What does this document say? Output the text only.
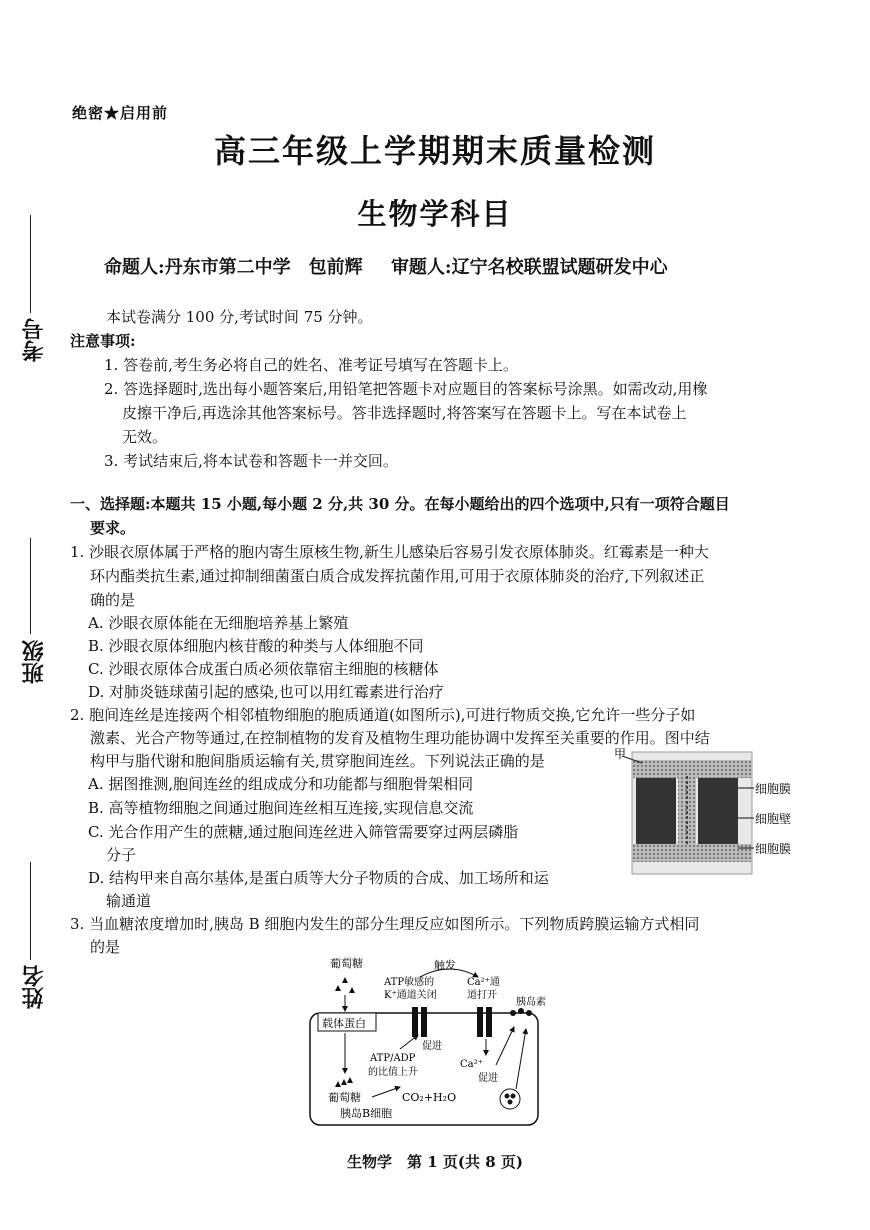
考号
班级
姓名
绝密★启用前
高三年级上学期期末质量检测
生物学科目
命题人:丹东市第二中学　包前辉 审题人:辽宁名校联盟试题研发中心
本试卷满分 100 分,考试时间 75 分钟。
注意事项:
1. 答卷前,考生务必将自己的姓名、准考证号填写在答题卡上。
2. 答选择题时,选出每小题答案后,用铅笔把答题卡对应题目的答案标号涂黑。如需改动,用橡
皮擦干净后,再选涂其他答案标号。答非选择题时,将答案写在答题卡上。写在本试卷上
无效。
3. 考试结束后,将本试卷和答题卡一并交回。
一、选择题:本题共 15 小题,每小题 2 分,共 30 分。在每小题给出的四个选项中,只有一项符合题目
要求。
1. 沙眼衣原体属于严格的胞内寄生原核生物,新生儿感染后容易引发衣原体肺炎。红霉素是一种大
环内酯类抗生素,通过抑制细菌蛋白质合成发挥抗菌作用,可用于衣原体肺炎的治疗,下列叙述正
确的是
A. 沙眼衣原体能在无细胞培养基上繁殖
B. 沙眼衣原体细胞内核苷酸的种类与人体细胞不同
C. 沙眼衣原体合成蛋白质必须依靠宿主细胞的核糖体
D. 对肺炎链球菌引起的感染,也可以用红霉素进行治疗
2. 胞间连丝是连接两个相邻植物细胞的胞质通道(如图所示),可进行物质交换,它允许一些分子如
激素、光合产物等通过,在控制植物的发育及植物生理功能协调中发挥至关重要的作用。图中结
构甲与脂代谢和胞间脂质运输有关,贯穿胞间连丝。下列说法正确的是
A. 据图推测,胞间连丝的组成成分和功能都与细胞骨架相同
B. 高等植物细胞之间通过胞间连丝相互连接,实现信息交流
C. 光合作用产生的蔗糖,通过胞间连丝进入筛管需要穿过两层磷脂
分子
D. 结构甲来自高尔基体,是蛋白质等大分子物质的合成、加工场所和运
输通道
甲
细胞膜
细胞壁
细胞膜
3. 当血糖浓度增加时,胰岛 B 细胞内发生的部分生理反应如图所示。下列物质跨膜运输方式相同
的是
葡萄糖
载体蛋白
葡萄糖	CO₂+H₂O
胰岛B细胞
ATP/ADP
的比值上升
促进
ATP敏感的
K⁺通道关闭
触发
Ca²⁺通
道打开
胰岛素
Ca²⁺
促进
生物学　第 1 页(共 8 页)
